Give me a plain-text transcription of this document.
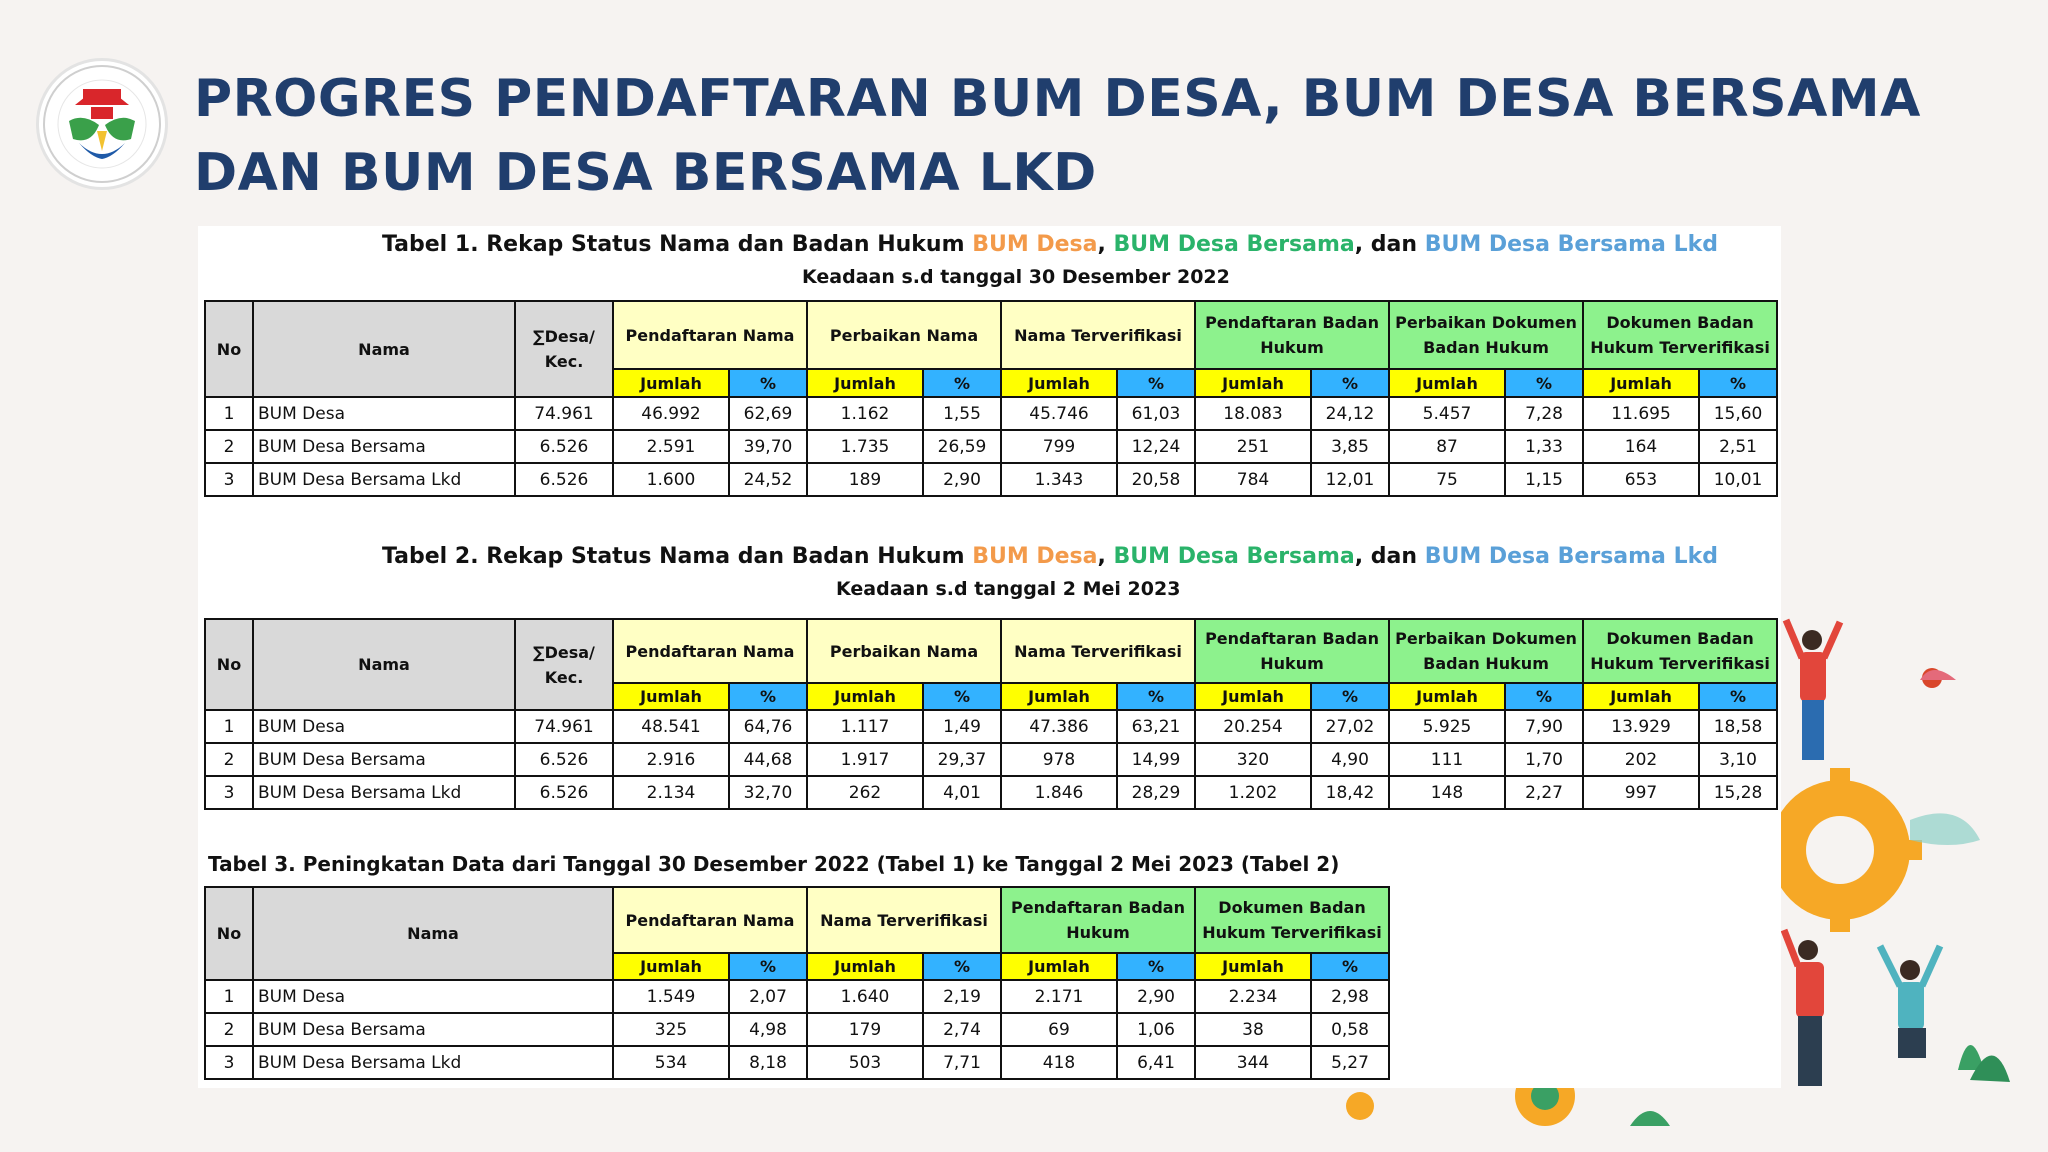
PROGRES PENDAFTARAN BUM DESA, BUM DESA BERSAMA
DAN BUM DESA BERSAMA LKD
Tabel 1. Rekap Status Nama dan Badan Hukum BUM Desa, BUM Desa Bersama, dan BUM Desa Bersama Lkd
Keadaan s.d tanggal 30 Desember 2022
No	Nama	∑Desa/ Kec.	Pendaftaran Nama		Perbaikan Nama		Nama Terverifikasi		Pendaftaran Badan Hukum		Perbaikan Dokumen Badan Hukum		Dokumen Badan Hukum Terverifikasi	
			Jumlah	%	Jumlah	%	Jumlah	%	Jumlah	%	Jumlah	%	Jumlah	%
1	BUM Desa	74.961	46.992	62,69	1.162	1,55	45.746	61,03	18.083	24,12	5.457	7,28	11.695	15,60
2	BUM Desa Bersama	6.526	2.591	39,70	1.735	26,59	799	12,24	251	3,85	87	1,33	164	2,51
3	BUM Desa Bersama Lkd	6.526	1.600	24,52	189	2,90	1.343	20,58	784	12,01	75	1,15	653	10,01
Tabel 2. Rekap Status Nama dan Badan Hukum BUM Desa, BUM Desa Bersama, dan BUM Desa Bersama Lkd
Keadaan s.d tanggal 2 Mei 2023
No	Nama	∑Desa/ Kec.	Pendaftaran Nama		Perbaikan Nama		Nama Terverifikasi		Pendaftaran Badan Hukum		Perbaikan Dokumen Badan Hukum		Dokumen Badan Hukum Terverifikasi	
			Jumlah	%	Jumlah	%	Jumlah	%	Jumlah	%	Jumlah	%	Jumlah	%
1	BUM Desa	74.961	48.541	64,76	1.117	1,49	47.386	63,21	20.254	27,02	5.925	7,90	13.929	18,58
2	BUM Desa Bersama	6.526	2.916	44,68	1.917	29,37	978	14,99	320	4,90	111	1,70	202	3,10
3	BUM Desa Bersama Lkd	6.526	2.134	32,70	262	4,01	1.846	28,29	1.202	18,42	148	2,27	997	15,28
Tabel 3. Peningkatan Data dari Tanggal 30 Desember 2022 (Tabel 1) ke Tanggal 2 Mei 2023 (Tabel 2)
No	Nama	Pendaftaran Nama		Nama Terverifikasi		Pendaftaran Badan Hukum		Dokumen Badan Hukum Terverifikasi	
		Jumlah	%	Jumlah	%	Jumlah	%	Jumlah	%
1	BUM Desa	1.549	2,07	1.640	2,19	2.171	2,90	2.234	2,98
2	BUM Desa Bersama	325	4,98	179	2,74	69	1,06	38	0,58
3	BUM Desa Bersama Lkd	534	8,18	503	7,71	418	6,41	344	5,27
